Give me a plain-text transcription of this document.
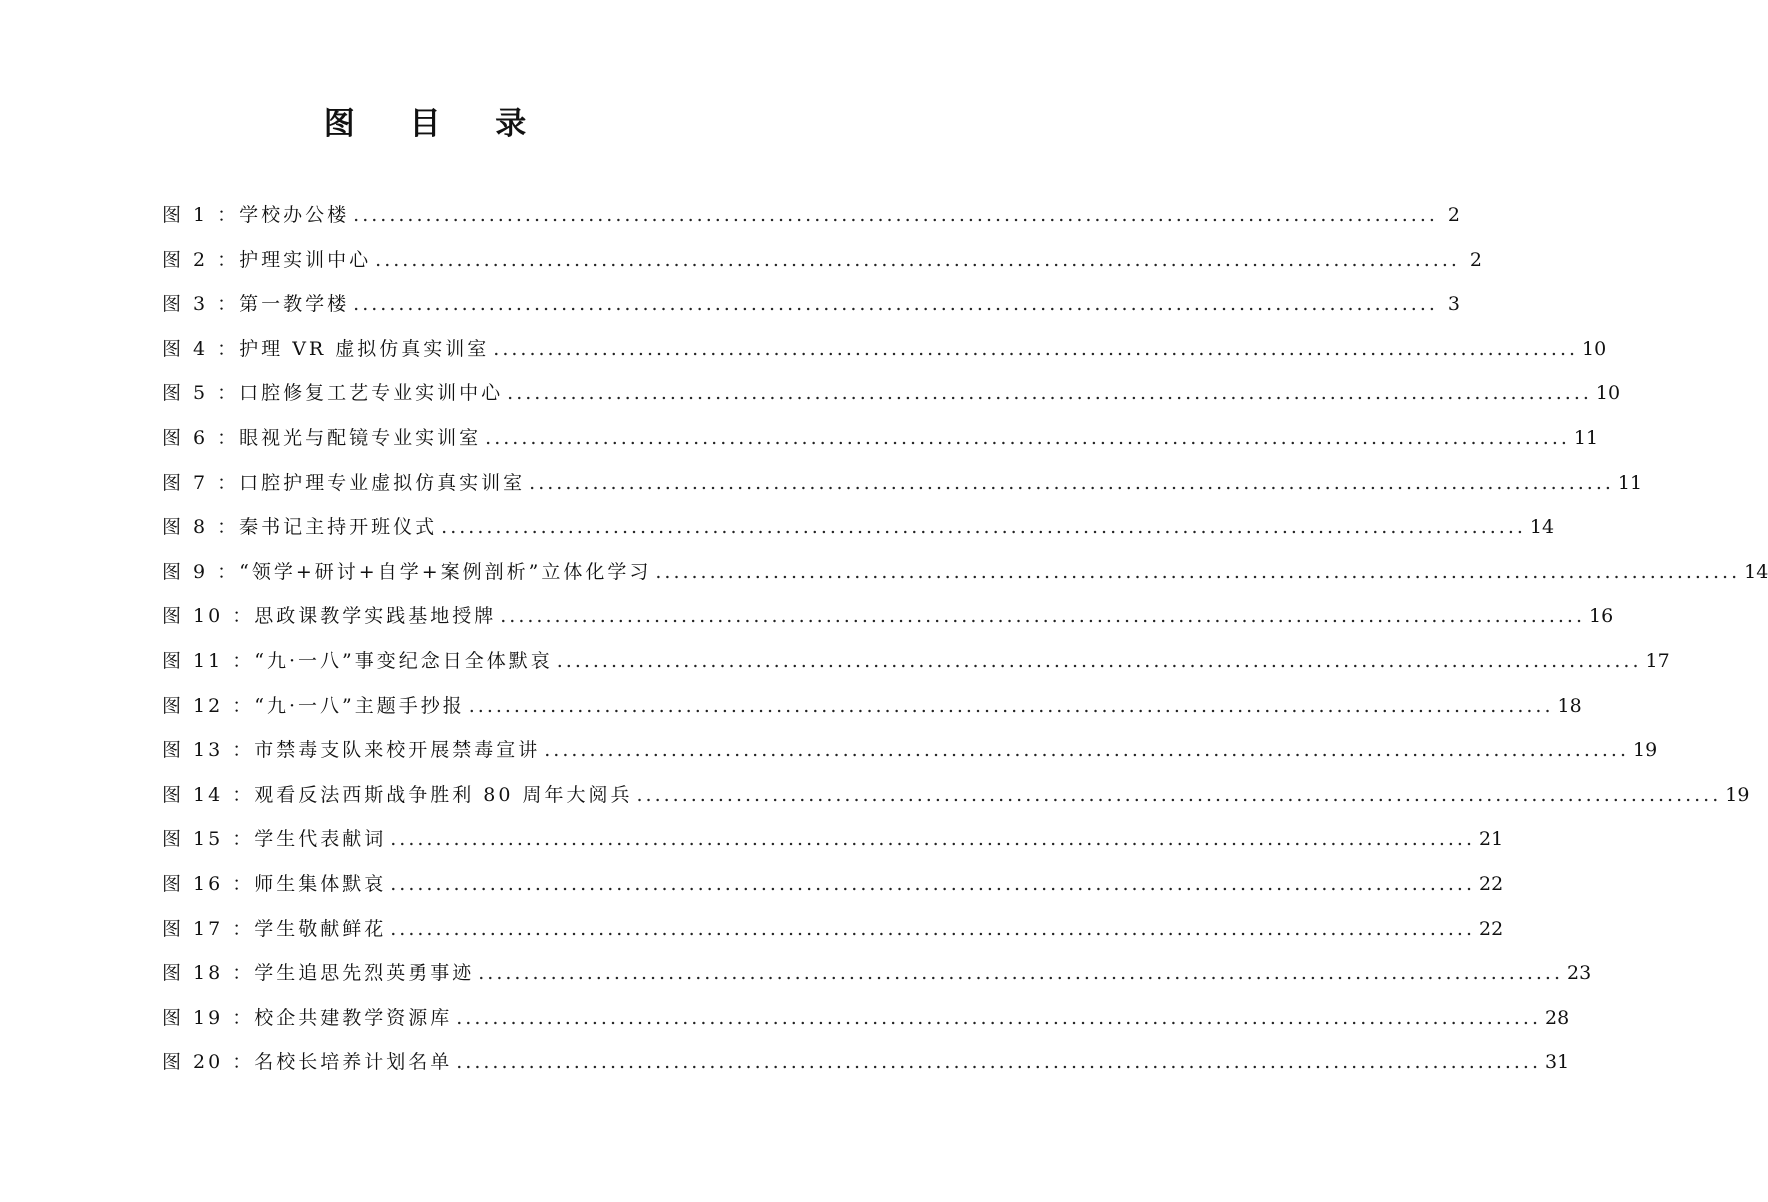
图 目 录
图 1 ：学校办公楼 ........................................................................................................................ 2
图 2 ：护理实训中心 ........................................................................................................................ 2
图 3 ：第一教学楼 ........................................................................................................................ 3
图 4 ：护理 VR 虚拟仿真实训室 ........................................................................................................................ 10
图 5 ：口腔修复工艺专业实训中心 ........................................................................................................................ 10
图 6 ：眼视光与配镜专业实训室 ........................................................................................................................ 11
图 7 ：口腔护理专业虚拟仿真实训室 ........................................................................................................................ 11
图 8 ：秦书记主持开班仪式 ........................................................................................................................ 14
图 9 ：“领学+研讨+自学+案例剖析”立体化学习 ........................................................................................................................ 14
图 10 ：思政课教学实践基地授牌 ........................................................................................................................ 16
图 11 ：“九·一八”事变纪念日全体默哀 ........................................................................................................................ 17
图 12 ：“九·一八”主题手抄报 ........................................................................................................................ 18
图 13 ：市禁毒支队来校开展禁毒宣讲 ........................................................................................................................ 19
图 14 ：观看反法西斯战争胜利 80 周年大阅兵 ........................................................................................................................ 19
图 15 ：学生代表献词 ........................................................................................................................ 21
图 16 ：师生集体默哀 ........................................................................................................................ 22
图 17 ：学生敬献鲜花 ........................................................................................................................ 22
图 18 ：学生追思先烈英勇事迹 ........................................................................................................................ 23
图 19 ：校企共建教学资源库 ........................................................................................................................ 28
图 20 ：名校长培养计划名单 ........................................................................................................................ 31
